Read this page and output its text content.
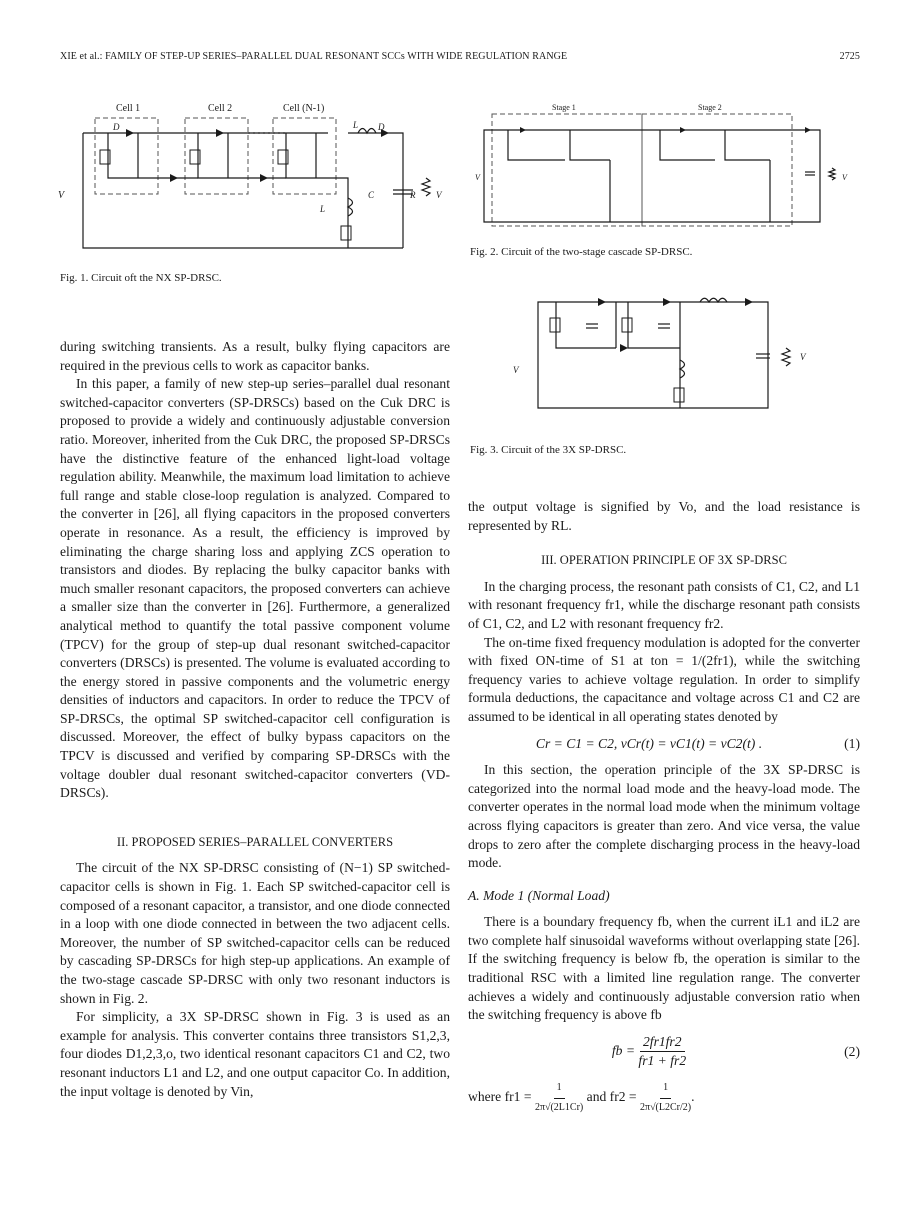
XIE et al.: FAMILY OF STEP-UP SERIES–PARALLEL DUAL RESONANT SCCs WITH WIDE REGULATION RANGE	2725
Cell 1	Cell 2	Cell (N-1)
V
D	D
L
L
C	R V
Fig. 1. Circuit oft the NX SP-DRSC.
Stage 1	Stage 2
V	V
Fig. 2. Circuit of the two-stage cascade SP-DRSC.
V
V
Fig. 3. Circuit of the 3X SP-DRSC.

during switching transients. As a result, bulky flying capacitors are required in the previous cells to work as capacitor banks.

In this paper, a family of new step-up series–parallel dual resonant switched-capacitor converters (SP-DRSCs) based on the Cuk DRC is proposed to provide a widely and continuously adjustable conversion ratio. Moreover, inherited from the Cuk DRC, the proposed SP-DRSCs have the distinctive feature of the enhanced light-load voltage regulation ability. Meanwhile, the maximum load limitation to achieve full range and stable close-loop regulation is analyzed. Compared to the converter in [26], all flying capacitors in the proposed converters operate in resonance. As a result, the efficiency is improved by eliminating the charge sharing loss and applying ZCS operation to transistors and diodes. By replacing the bulky capacitor banks with much smaller resonant capacitors, the proposed converters can achieve a smaller size than the converter in [26]. Furthermore, a generalized analytical method to quantify the total passive component volume (TPCV) for the group of step-up dual resonant switched-capacitor converters (DRSCs) is presented. The volume is evaluated according to the energy stored in passive components and the volumetric energy densities of inductors and capacitors. In order to reduce the TPCV of SP-DRSCs, the optimal SP switched-capacitor cell configuration is discussed. Moreover, the effect of bulky bypass capacitors on the TPCV is discussed and verified by comparing SP-DRSCs with the voltage doubler dual resonant switched-capacitor converters (VD-DRSCs).

II. PROPOSED SERIES–PARALLEL CONVERTERS

The circuit of the NX SP-DRSC consisting of (N−1) SP switched-capacitor cells is shown in Fig. 1. Each SP switched-capacitor cell is composed of a resonant capacitor, a transistor, and one diode connected in a loop with one diode connected in between the two adjacent cells. Moreover, the number of SP switched-capacitor cells can be reduced by cascading SP-DRSCs for high step-up applications. An example of the two-stage cascade SP-DRSC with only two resonant inductors is shown in Fig. 2.

For simplicity, a 3X SP-DRSC shown in Fig. 3 is used as an example for analysis. This converter contains three transistors S1,2,3, four diodes D1,2,3,o, two identical resonant capacitors C1 and C2, two resonant inductors L1 and L2, and one output capacitor Co. In addition, the input voltage is denoted by Vin,

the output voltage is signified by Vo, and the load resistance is represented by RL.

III. OPERATION PRINCIPLE OF 3X SP-DRSC

In the charging process, the resonant path consists of C1, C2, and L1 with resonant frequency fr1, while the discharge resonant path consists of C1, C2, and L2 with resonant frequency fr2.

The on-time fixed frequency modulation is adopted for the converter with fixed ON-time of S1 at ton = 1/(2fr1), while the switching frequency varies to achieve voltage regulation. In order to simplify formula deductions, the capacitance and voltage across C1 and C2 are assumed to be identical in all operating states denoted by

Cr = C1 = C2, vCr(t) = vC1(t) = vC2(t) .	(1)

In this section, the operation principle of the 3X SP-DRSC is categorized into the normal load mode and the heavy-load mode. The converter operates in the normal load mode when the minimum voltage across flying capacitors is greater than zero. And vice versa, the value drops to zero after the complete discharging process in the heavy-load mode.

A. Mode 1 (Normal Load)

There is a boundary frequency fb, when the current iL1 and iL2 are two complete half sinusoidal waveforms without overlapping state [26]. If the switching frequency is below fb, the operation is similar to the traditional RSC with a limited line regulation range. The converter achieves a widely and continuously adjustable conversion ratio when the switching frequency is above fb

fb = $\frac{2fr1fr2}{fr1 + fr2}$	(2)

where $fr1 = \frac{1}{2\pi√(2L1Cr)}$ and $fr2 = \frac{1}{2\pi√(L2Cr/2)}$ .
